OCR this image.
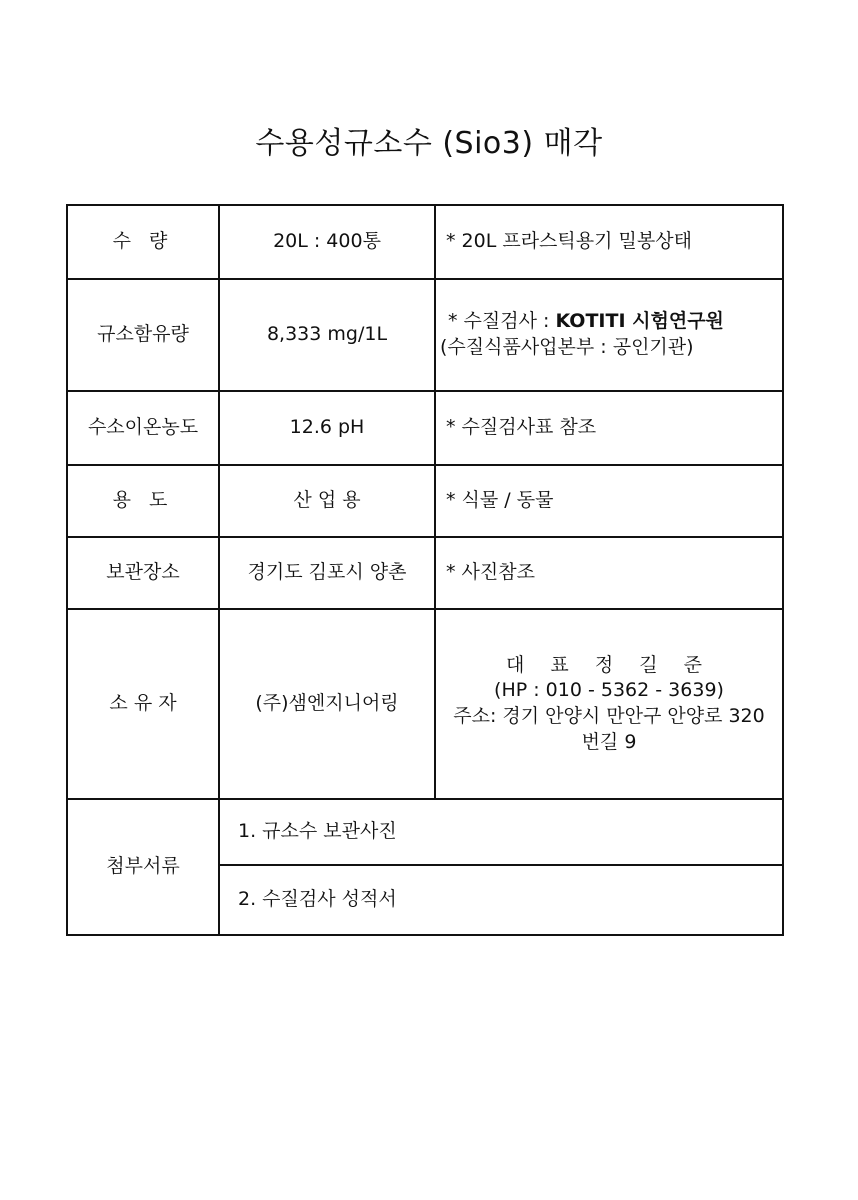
수용성규소수 (Sio3) 매각
수 량	20L : 400통	* 20L 프라스틱용기 밀봉상태
규소함유량	8,333 mg/1L	* 수질검사 : KOTITI 시험연구원
(수질식품사업본부 : 공인기관)

수소이온농도	12.6 pH	* 수질검사표 참조
용 도	산 업 용	* 식물 / 동물
보관장소	경기도 김포시 양촌	* 사진참조
소 유 자	(주)샘엔지니어링	대 표 정 길 준
(HP : 010 - 5362 - 3639)
주소: 경기 안양시 만안구 안양로 320
번길 9

첨부서류	1. 규소수 보관사진	
	2. 수질검사 성적서	
